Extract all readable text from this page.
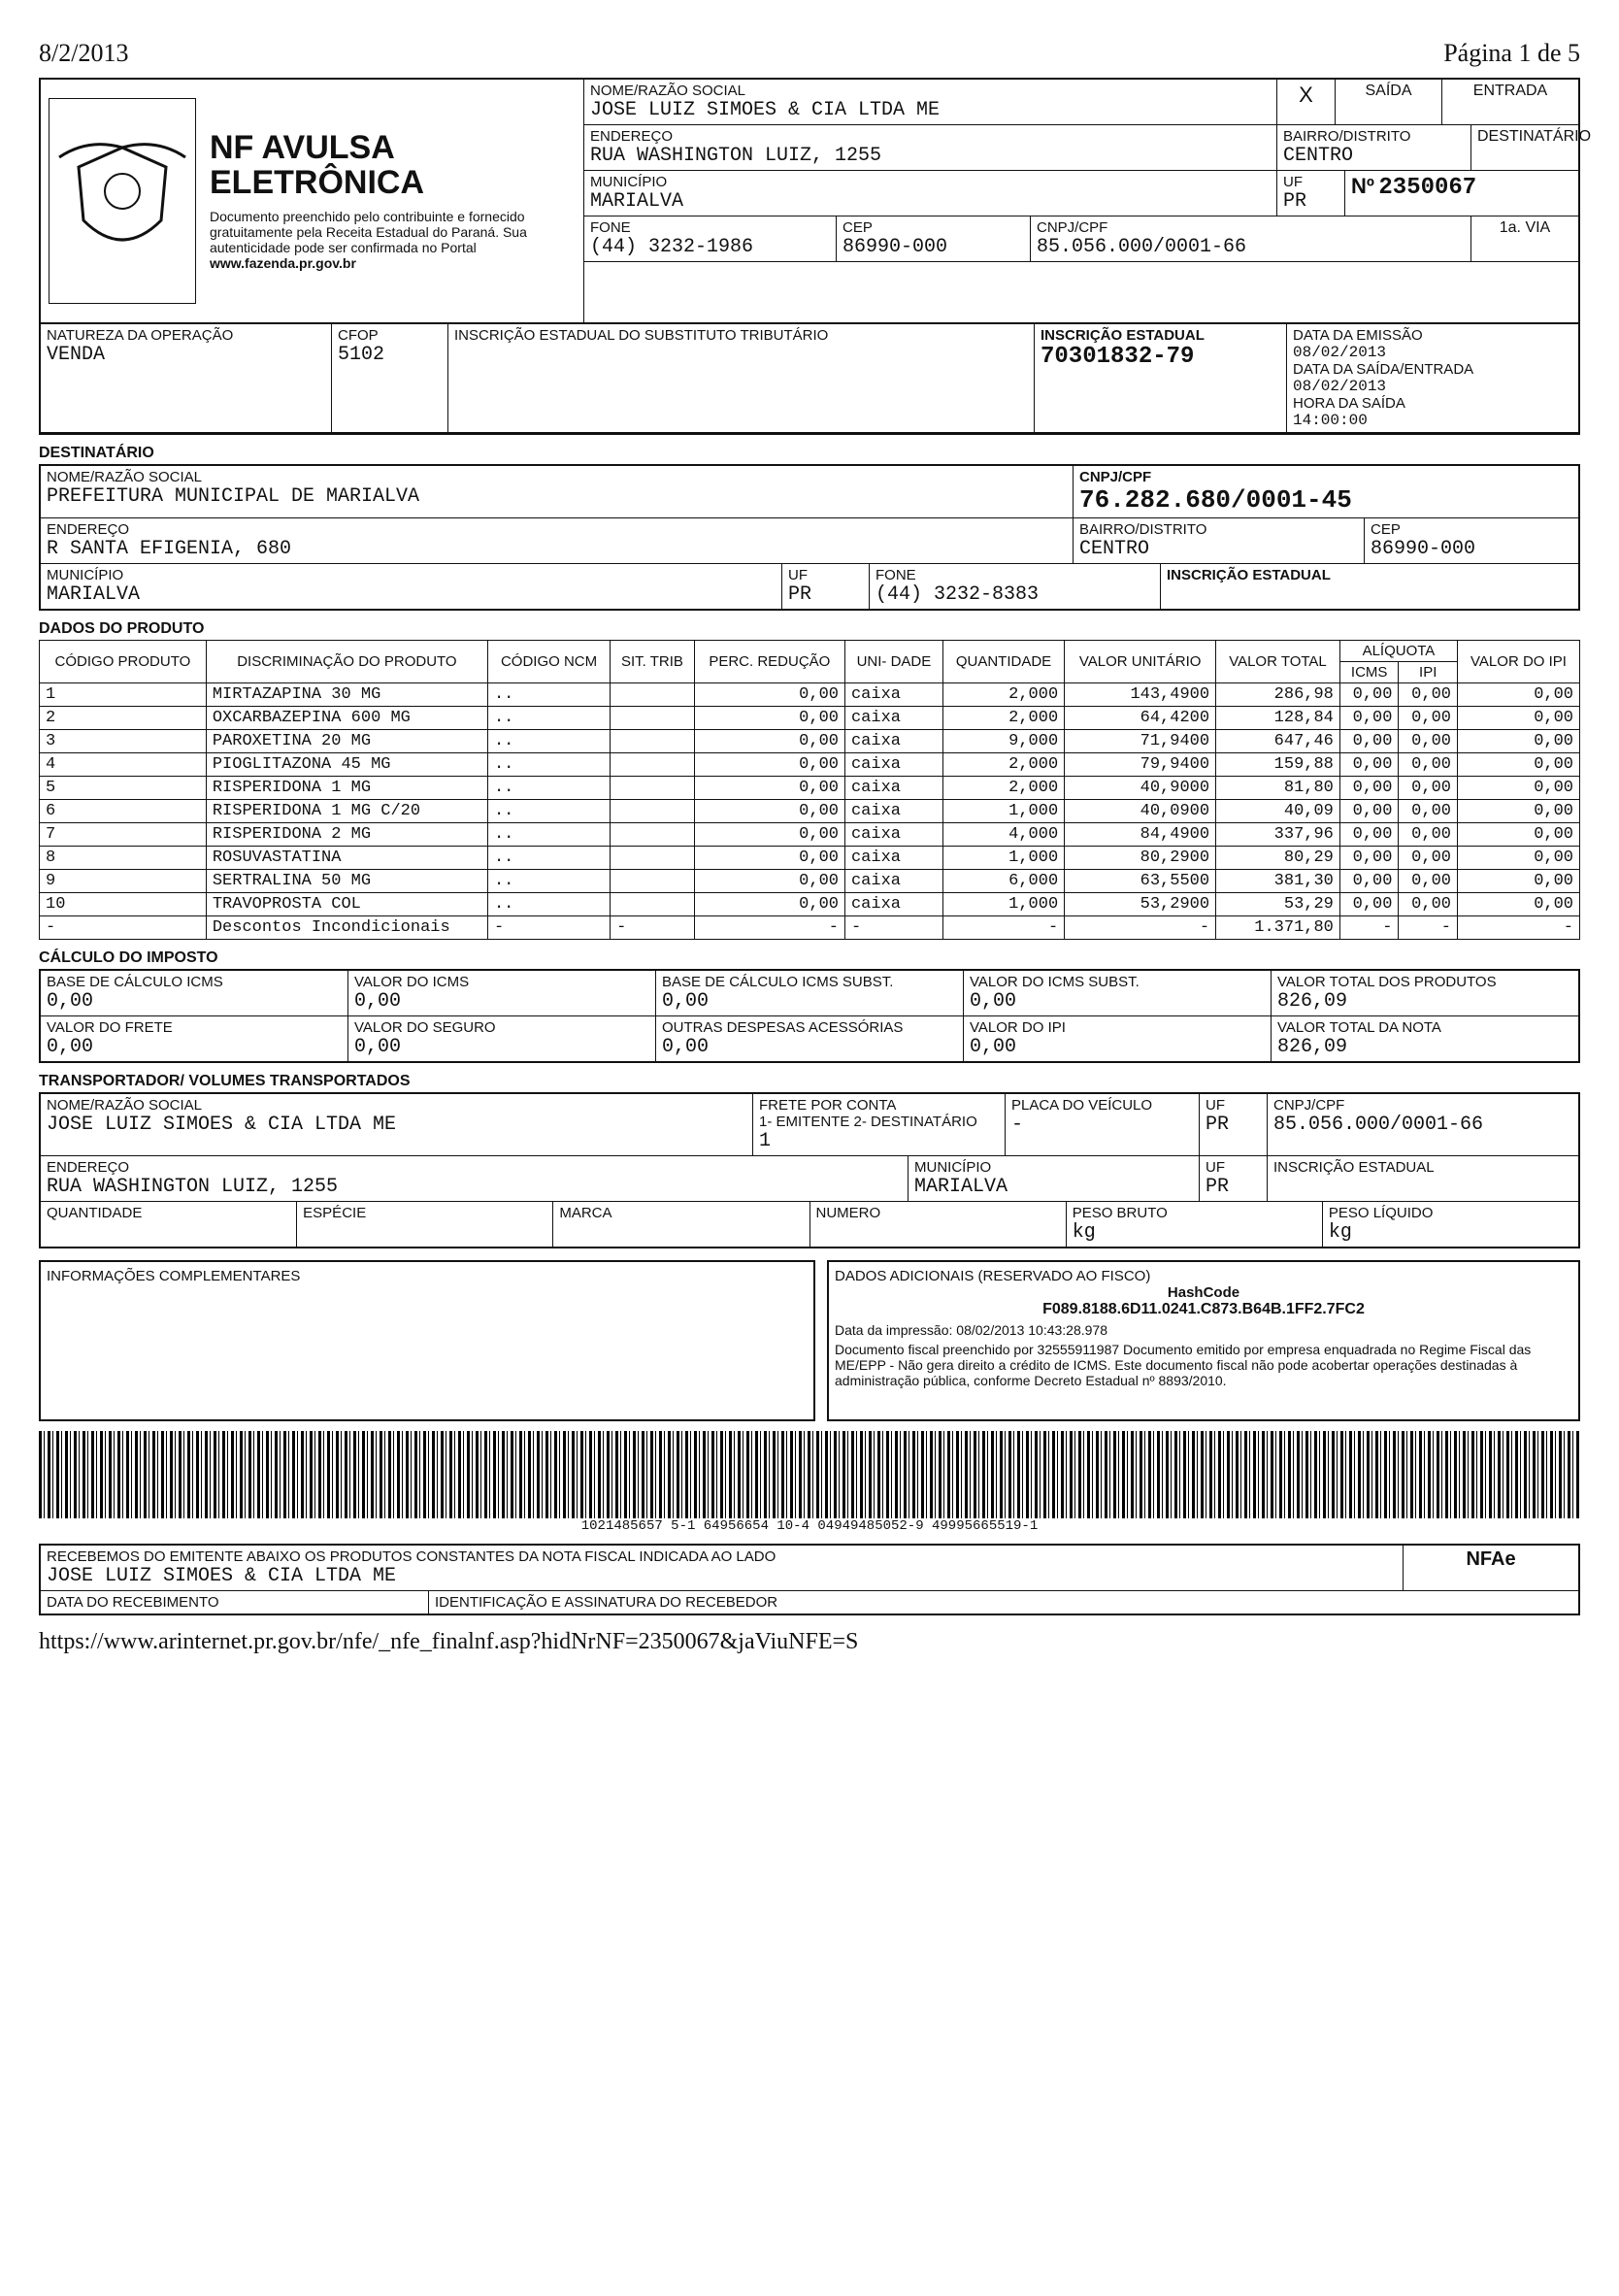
8/2/2013	Página 1 de 5
NF AVULSA
ELETRÔNICA
Documento preenchido pelo contribuinte e fornecido gratuitamente pela Receita Estadual do Paraná. Sua autenticidade pode ser confirmada no Portal
www.fazenda.pr.gov.br
NOME/RAZÃO SOCIAL
JOSE LUIZ SIMOES & CIA LTDA ME
X	SAÍDA	ENTRADA
ENDEREÇO
RUA WASHINGTON LUIZ, 1255
BAIRRO/DISTRITO
CENTRO
DESTINATÁRIO
MUNICÍPIO
MARIALVA
UF
PR
Nº 2350067
FONE
(44) 3232-1986
CEP
86990-000
CNPJ/CPF
85.056.000/0001-66
1a. VIA
NATUREZA DA OPERAÇÃO
VENDA
CFOP
5102
INSCRIÇÃO ESTADUAL DO SUBSTITUTO TRIBUTÁRIO	INSCRIÇÃO ESTADUAL
70301832-79
DATA DA EMISSÃO
08/02/2013
DATA DA SAÍDA/ENTRADA
08/02/2013
HORA DA SAÍDA
14:00:00
DESTINATÁRIO
NOME/RAZÃO SOCIAL
PREFEITURA MUNICIPAL DE MARIALVA
CNPJ/CPF
76.282.680/0001-45
ENDEREÇO
R SANTA EFIGENIA, 680
BAIRRO/DISTRITO
CENTRO
CEP
86990-000
MUNICÍPIO
MARIALVA
UF
PR
FONE
(44) 3232-8383
INSCRIÇÃO ESTADUAL
DADOS DO PRODUTO
CÓDIGO PRODUTO	DISCRIMINAÇÃO DO PRODUTO	CÓDIGO NCM	SIT. TRIB	PERC. REDUÇÃO	UNI- DADE	QUANTIDADE	VALOR UNITÁRIO	VALOR TOTAL	ALÍQUOTA		VALOR DO IPI
									ICMS	IPI	
1	MIRTAZAPINA 30 MG	..		0,00	caixa	2,000	143,4900	286,98	0,00	0,00	0,00
2	OXCARBAZEPINA 600 MG	..		0,00	caixa	2,000	64,4200	128,84	0,00	0,00	0,00
3	PAROXETINA 20 MG	..		0,00	caixa	9,000	71,9400	647,46	0,00	0,00	0,00
4	PIOGLITAZONA 45 MG	..		0,00	caixa	2,000	79,9400	159,88	0,00	0,00	0,00
5	RISPERIDONA 1 MG	..		0,00	caixa	2,000	40,9000	81,80	0,00	0,00	0,00
6	RISPERIDONA 1 MG C/20	..		0,00	caixa	1,000	40,0900	40,09	0,00	0,00	0,00
7	RISPERIDONA 2 MG	..		0,00	caixa	4,000	84,4900	337,96	0,00	0,00	0,00
8	ROSUVASTATINA	..		0,00	caixa	1,000	80,2900	80,29	0,00	0,00	0,00
9	SERTRALINA 50 MG	..		0,00	caixa	6,000	63,5500	381,30	0,00	0,00	0,00
10	TRAVOPROSTA COL	..		0,00	caixa	1,000	53,2900	53,29	0,00	0,00	0,00
-	Descontos Incondicionais	-	-	-	-	-	-	1.371,80	-	-	-
CÁLCULO DO IMPOSTO
BASE DE CÁLCULO ICMS
0,00
VALOR DO ICMS
0,00
BASE DE CÁLCULO ICMS SUBST.
0,00
VALOR DO ICMS SUBST.
0,00
VALOR TOTAL DOS PRODUTOS
826,09
VALOR DO FRETE
0,00
VALOR DO SEGURO
0,00
OUTRAS DESPESAS ACESSÓRIAS
0,00
VALOR DO IPI
0,00
VALOR TOTAL DA NOTA
826,09
TRANSPORTADOR/ VOLUMES TRANSPORTADOS
NOME/RAZÃO SOCIAL
JOSE LUIZ SIMOES & CIA LTDA ME
FRETE POR CONTA
1- EMITENTE 2- DESTINATÁRIO
1
PLACA DO VEÍCULO
-
UF
PR
CNPJ/CPF
85.056.000/0001-66
ENDEREÇO
RUA WASHINGTON LUIZ, 1255
MUNICÍPIO
MARIALVA
UF
PR
INSCRIÇÃO ESTADUAL
QUANTIDADE	ESPÉCIE	MARCA	NUMERO	PESO BRUTO
kg
PESO LÍQUIDO
kg
INFORMAÇÕES COMPLEMENTARES	DADOS ADICIONAIS (RESERVADO AO FISCO)
HashCode
F089.8188.6D11.0241.C873.B64B.1FF2.7FC2
Data da impressão: 08/02/2013 10:43:28.978
Documento fiscal preenchido por 32555911987 Documento emitido por empresa enquadrada no Regime Fiscal das ME/EPP - Não gera direito a crédito de ICMS. Este documento fiscal não pode acobertar operações destinadas à administração pública, conforme Decreto Estadual nº 8893/2010.
1021485657 5-1 64956654 10-4 04949485052-9 49995665519-1
RECEBEMOS DO EMITENTE ABAIXO OS PRODUTOS CONSTANTES DA NOTA FISCAL INDICADA AO LADO
JOSE LUIZ SIMOES & CIA LTDA ME
NFAe
DATA DO RECEBIMENTO	IDENTIFICAÇÃO E ASSINATURA DO RECEBEDOR
https://www.arinternet.pr.gov.br/nfe/_nfe_finalnf.asp?hidNrNF=2350067&jaViuNFE=S
